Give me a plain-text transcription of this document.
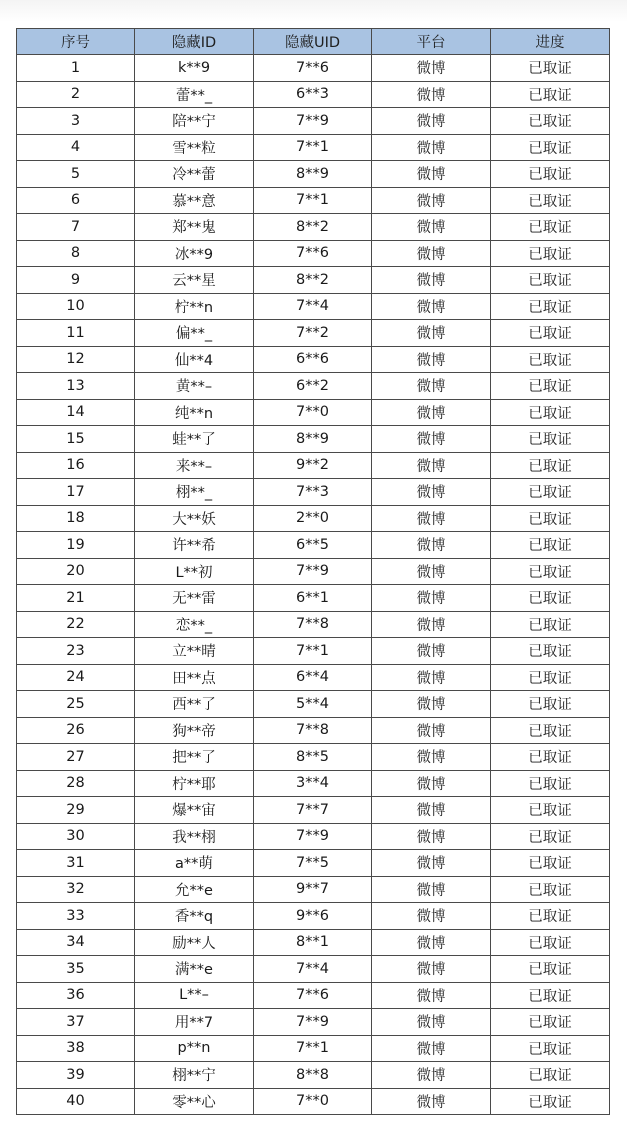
序号	隐藏ID	隐藏UID	平台	进度
1	k**9	7**6	微博	已取证
2	蕾**_	6**3	微博	已取证
3	陪**宁	7**9	微博	已取证
4	雪**粒	7**1	微博	已取证
5	冷**蕾	8**9	微博	已取证
6	慕**意	7**1	微博	已取证
7	郑**鬼	8**2	微博	已取证
8	冰**9	7**6	微博	已取证
9	云**星	8**2	微博	已取证
10	柠**n	7**4	微博	已取证
11	偏**_	7**2	微博	已取证
12	仙**4	6**6	微博	已取证
13	黄**–	6**2	微博	已取证
14	纯**n	7**0	微博	已取证
15	蛙**了	8**9	微博	已取证
16	来**–	9**2	微博	已取证
17	栩**_	7**3	微博	已取证
18	大**妖	2**0	微博	已取证
19	许**希	6**5	微博	已取证
20	L**初	7**9	微博	已取证
21	无**雷	6**1	微博	已取证
22	恋**_	7**8	微博	已取证
23	立**晴	7**1	微博	已取证
24	田**点	6**4	微博	已取证
25	西**了	5**4	微博	已取证
26	狗**帝	7**8	微博	已取证
27	把**了	8**5	微博	已取证
28	柠**耶	3**4	微博	已取证
29	爆**宙	7**7	微博	已取证
30	我**栩	7**9	微博	已取证
31	a**萌	7**5	微博	已取证
32	允**e	9**7	微博	已取证
33	香**q	9**6	微博	已取证
34	励**人	8**1	微博	已取证
35	满**e	7**4	微博	已取证
36	L**–	7**6	微博	已取证
37	用**7	7**9	微博	已取证
38	p**n	7**1	微博	已取证
39	栩**宁	8**8	微博	已取证
40	零**心	7**0	微博	已取证
